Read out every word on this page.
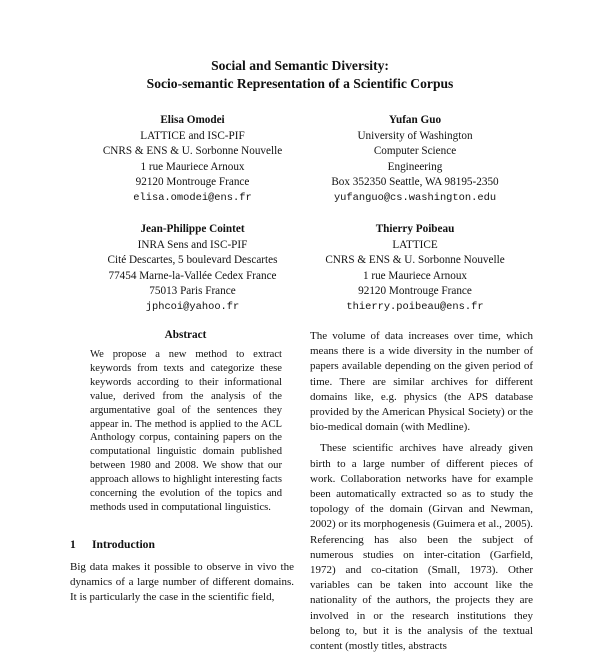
Social and Semantic Diversity:
Socio-semantic Representation of a Scientific Corpus
Elisa Omodei
LATTICE and ISC-PIF
CNRS & ENS & U. Sorbonne Nouvelle
1 rue Mauriece Arnoux
92120 Montrouge France
elisa.omodei@ens.fr
Yufan Guo
University of Washington
Computer Science
Engineering
Box 352350 Seattle, WA 98195-2350
yufanguo@cs.washington.edu
Jean-Philippe Cointet
INRA Sens and ISC-PIF
Cité Descartes, 5 boulevard Descartes
77454 Marne-la-Vallée Cedex France
75013 Paris France
jphcoi@yahoo.fr
Thierry Poibeau
LATTICE
CNRS & ENS & U. Sorbonne Nouvelle
1 rue Mauriece Arnoux
92120 Montrouge France
thierry.poibeau@ens.fr
Abstract
We propose a new method to extract keywords from texts and categorize these keywords according to their informational value, derived from the analysis of the argumentative goal of the sentences they appear in. The method is applied to the ACL Anthology corpus, containing papers on the computational linguistic domain published between 1980 and 2008. We show that our approach allows to highlight interesting facts concerning the evolution of the topics and methods used in computational linguistics.
1 Introduction
Big data makes it possible to observe in vivo the dynamics of a large number of different domains. It is particularly the case in the scientific field,

The volume of data increases over time, which means there is a wide diversity in the number of papers available depending on the given period of time. There are similar archives for different domains like, e.g. physics (the APS database provided by the American Physical Society) or the bio-medical domain (with Medline).

These scientific archives have already given birth to a large number of different pieces of work. Collaboration networks have for example been automatically extracted so as to study the topology of the domain (Girvan and Newman, 2002) or its morphogenesis (Guimera et al., 2005). Referencing has also been the subject of numerous studies on inter-citation (Garfield, 1972) and co-citation (Small, 1973). Other variables can be taken into account like the nationality of the authors, the projects they are involved in or the research institutions they belong to, but it is the analysis of the textual content (mostly titles, abstracts
